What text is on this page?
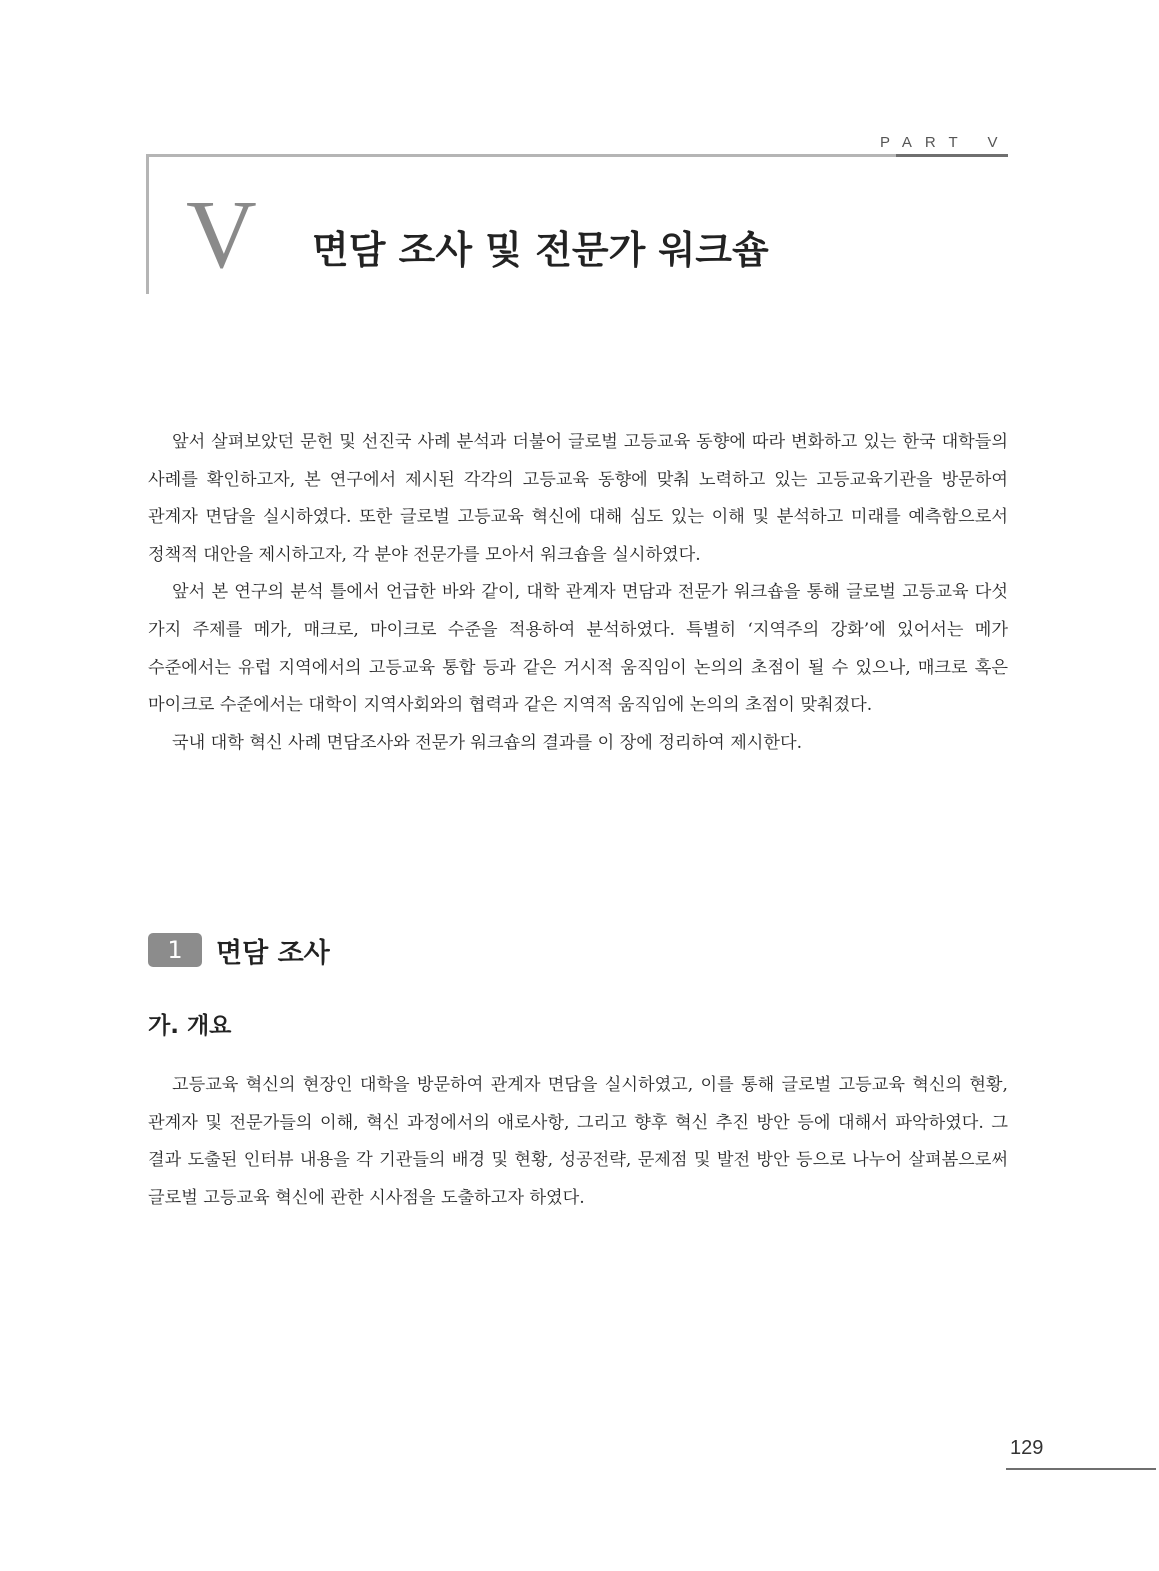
PART V
V 면담 조사 및 전문가 워크숍

앞서 살펴보았던 문헌 및 선진국 사례 분석과 더불어 글로벌 고등교육 동향에 따라 변화하고 있는 한국 대학들의 사례를 확인하고자, 본 연구에서 제시된 각각의 고등교육 동향에 맞춰 노력하고 있는 고등교육기관을 방문하여 관계자 면담을 실시하였다. 또한 글로벌 고등교육 혁신에 대해 심도 있는 이해 및 분석하고 미래를 예측함으로서 정책적 대안을 제시하고자, 각 분야 전문가를 모아서 워크숍을 실시하였다.

앞서 본 연구의 분석 틀에서 언급한 바와 같이, 대학 관계자 면담과 전문가 워크숍을 통해 글로벌 고등교육 다섯 가지 주제를 메가, 매크로, 마이크로 수준을 적용하여 분석하였다. 특별히 ‘지역주의 강화’에 있어서는 메가 수준에서는 유럽 지역에서의 고등교육 통합 등과 같은 거시적 움직임이 논의의 초점이 될 수 있으나, 매크로 혹은 마이크로 수준에서는 대학이 지역사회와의 협력과 같은 지역적 움직임에 논의의 초점이 맞춰졌다.

국내 대학 혁신 사례 면담조사와 전문가 워크숍의 결과를 이 장에 정리하여 제시한다.

1	면담 조사
가. 개요

고등교육 혁신의 현장인 대학을 방문하여 관계자 면담을 실시하였고, 이를 통해 글로벌 고등교육 혁신의 현황, 관계자 및 전문가들의 이해, 혁신 과정에서의 애로사항, 그리고 향후 혁신 추진 방안 등에 대해서 파악하였다. 그 결과 도출된 인터뷰 내용을 각 기관들의 배경 및 현황, 성공전략, 문제점 및 발전 방안 등으로 나누어 살펴봄으로써 글로벌 고등교육 혁신에 관한 시사점을 도출하고자 하였다.

129
